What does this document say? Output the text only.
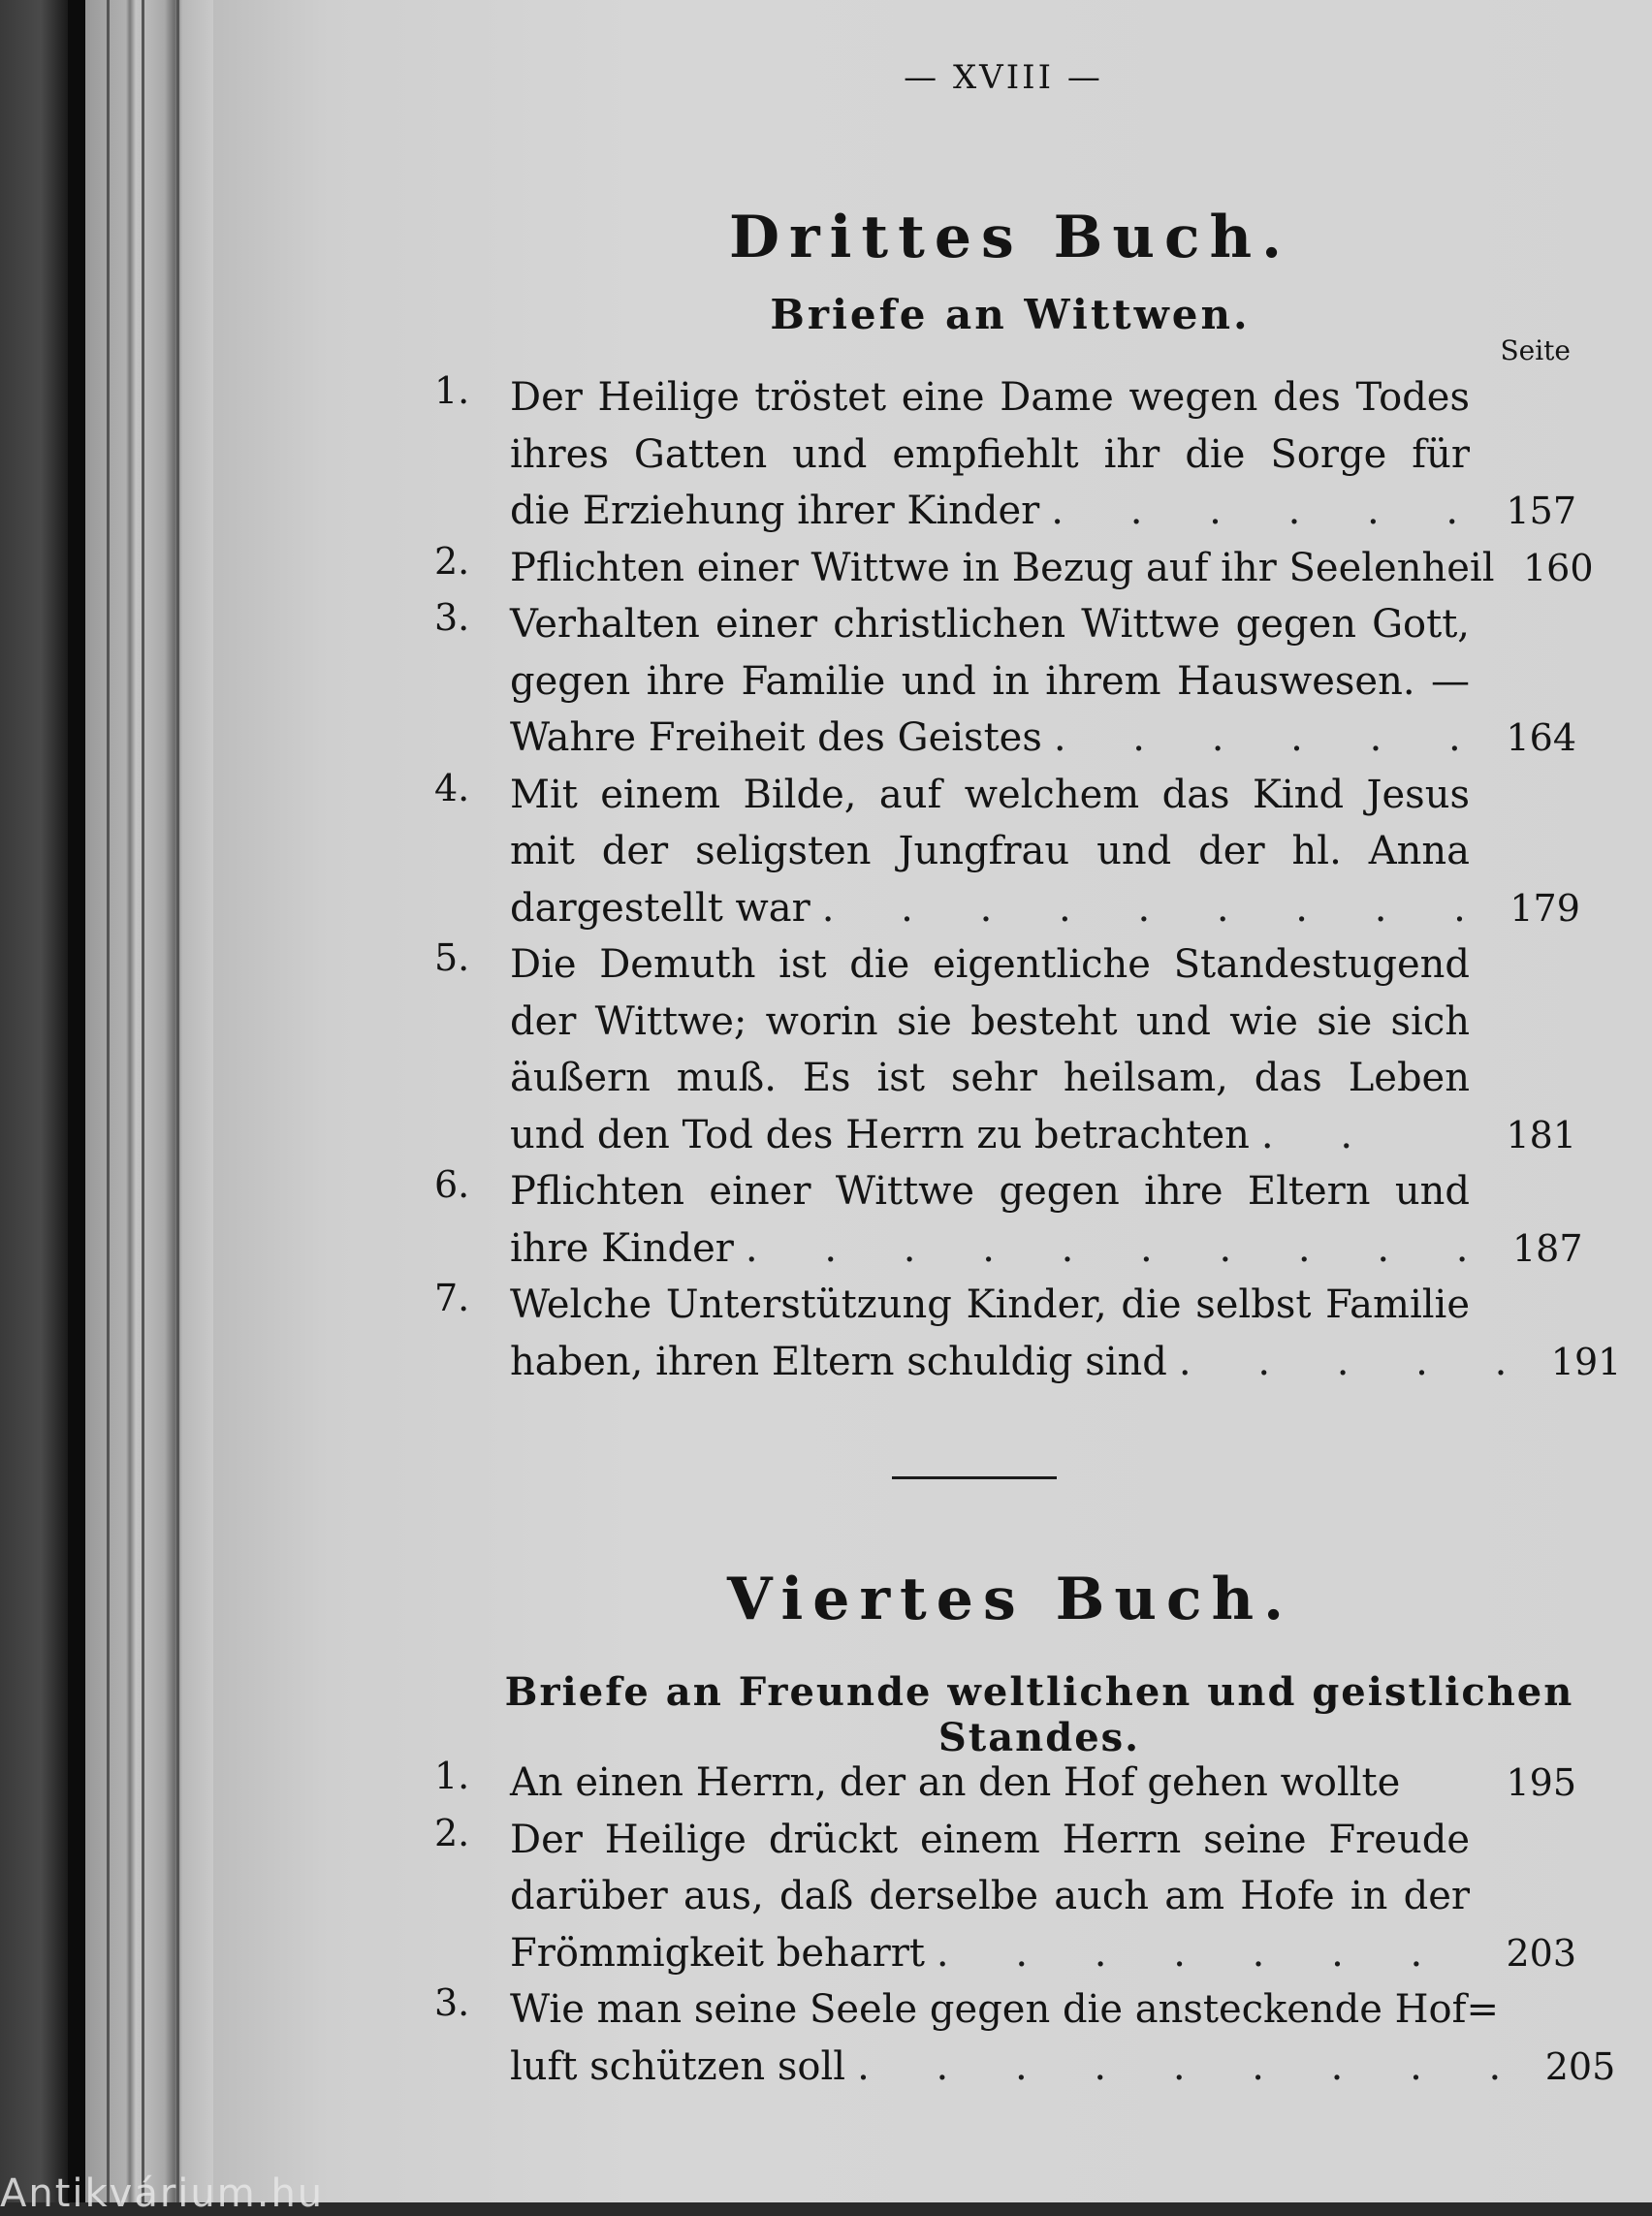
— XVIII —
Drittes Buch.
Briefe an Wittwen.
Seite
1.	Der Heilige tröstet eine Dame wegen des Todes
ihres Gatten und empfiehlt ihr die Sorge für
die Erziehung ihrer Kinder . . . . . . 157
2.	Pflichten einer Wittwe in Bezug auf ihr Seelenheil 160
3.	Verhalten einer christlichen Wittwe gegen Gott,
gegen ihre Familie und in ihrem Hauswesen. —
Wahre Freiheit des Geistes . . . . . . 164
4.	Mit einem Bilde, auf welchem das Kind Jesus
mit der seligsten Jungfrau und der hl. Anna
dargestellt war . . . . . . . . . 179
5.	Die Demuth ist die eigentliche Standestugend
der Wittwe; worin sie besteht und wie sie sich
äußern muß. Es ist sehr heilsam, das Leben
und den Tod des Herrn zu betrachten . .	181
6.	Pflichten einer Wittwe gegen ihre Eltern und
ihre Kinder . . . . . . . . . . 187
7.	Welche Unterstützung Kinder, die selbst Familie
haben, ihren Eltern schuldig sind . . . . . 191
Viertes Buch.
Briefe an Freunde weltlichen und geistlichen Standes.
1.	An einen Herrn, der an den Hof gehen wollte	195
2.	Der Heilige drückt einem Herrn seine Freude
darüber aus, daß derselbe auch am Hofe in der
Frömmigkeit beharrt . . . . . . .	203
3.	Wie man seine Seele gegen die ansteckende Hof=
luft schützen soll . . . . . . . . . 205
Antikvárium.hu
